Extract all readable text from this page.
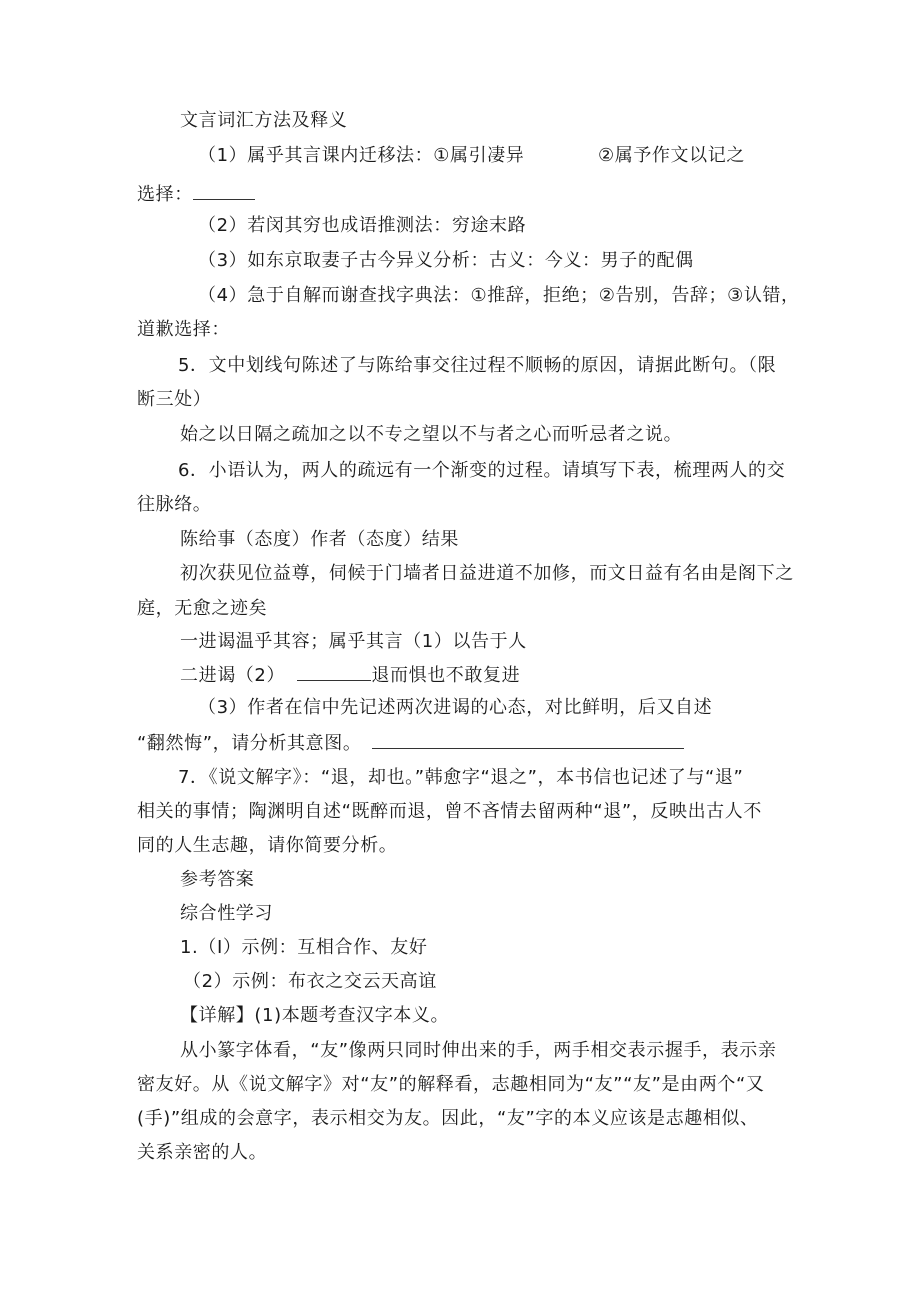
文言词汇方法及释义
（1）属乎其言课内迁移法：①属引凄异	②属予作文以记之
选择：
（2）若闵其穷也成语推测法：穷途末路
（3）如东京取妻子古今异义分析：古义：今义：男子的配偶
（4）急于自解而谢查找字典法：①推辞，拒绝；②告别，告辞；③认错，
道歉选择：
5．文中划线句陈述了与陈给事交往过程不顺畅的原因，请据此断句。（限
断三处）
始之以日隔之疏加之以不专之望以不与者之心而听忌者之说。
6．小语认为，两人的疏远有一个渐变的过程。请填写下表，梳理两人的交
往脉络。
陈给事（态度）作者（态度）结果
初次获见位益尊，伺候于门墙者日益进道不加修，而文日益有名由是阁下之
庭，无愈之迹矣
一进谒温乎其容；属乎其言（1）以告于人
二进谒（2）	退而惧也不敢复进
（3）作者在信中先记述两次进谒的心态，对比鲜明，后又自述
“翻然悔”，请分析其意图。
7．《说文解字》：“退，却也。”韩愈字“退之”，本书信也记述了与“退”
相关的事情；陶渊明自述“既醉而退，曾不吝情去留两种“退”，反映出古人不
同的人生志趣，请你简要分析。
参考答案
综合性学习
1.（I）示例：互相合作、友好
（2）示例：布衣之交云天高谊
【详解】(1)本题考查汉字本义。
从小篆字体看，“友”像两只同时伸出来的手，两手相交表示握手，表示亲
密友好。从《说文解字》对“友”的解释看，志趣相同为“友”“友”是由两个“又
(手)”组成的会意字，表示相交为友。因此，“友”字的本义应该是志趣相似、
关系亲密的人。
